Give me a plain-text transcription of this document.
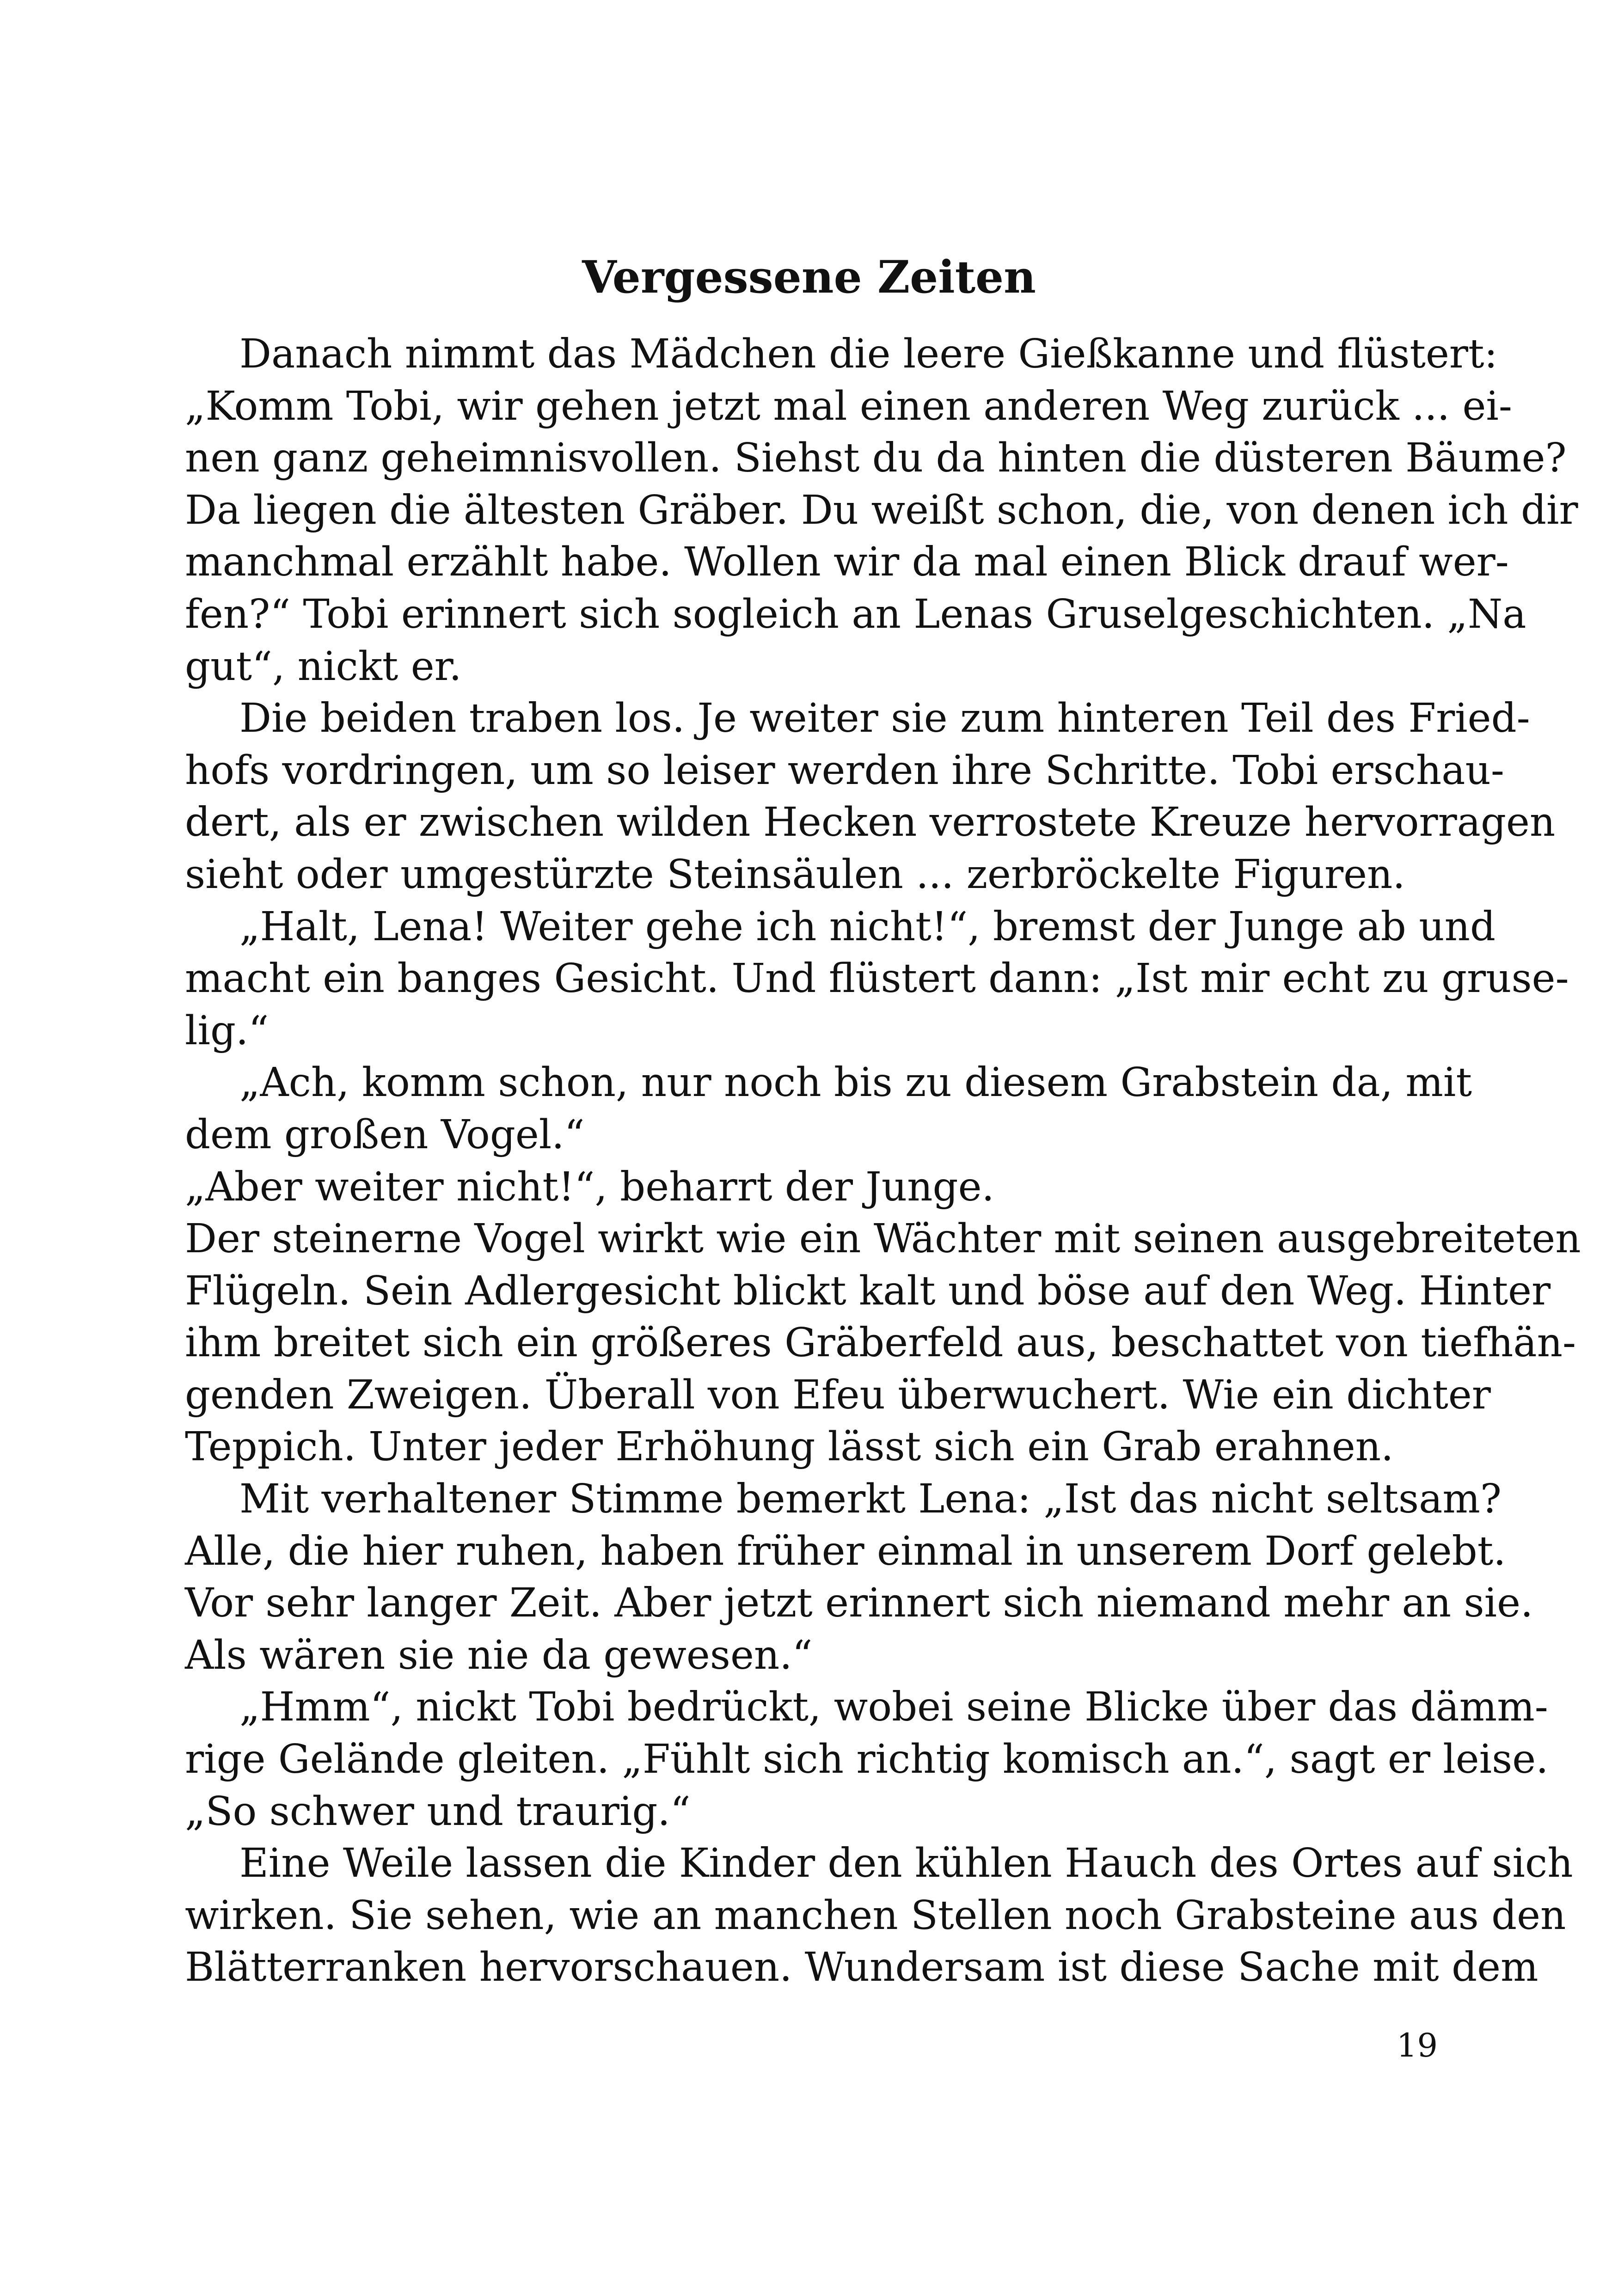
Vergessene Zeiten
Danach nimmt das Mädchen die leere Gießkanne und flüstert:
„Komm Tobi, wir gehen jetzt mal einen anderen Weg zurück ... ei-
nen ganz geheimnisvollen. Siehst du da hinten die düsteren Bäume?
Da liegen die ältesten Gräber. Du weißt schon, die, von denen ich dir
manchmal erzählt habe. Wollen wir da mal einen Blick drauf wer-
fen?“ Tobi erinnert sich sogleich an Lenas Gruselgeschichten. „Na
gut“, nickt er.
Die beiden traben los. Je weiter sie zum hinteren Teil des Fried-
hofs vordringen, um so leiser werden ihre Schritte. Tobi erschau-
dert, als er zwischen wilden Hecken verrostete Kreuze hervorragen
sieht oder umgestürzte Steinsäulen ... zerbröckelte Figuren.
„Halt, Lena! Weiter gehe ich nicht!“, bremst der Junge ab und
macht ein banges Gesicht. Und flüstert dann: „Ist mir echt zu gruse-
lig.“
„Ach, komm schon, nur noch bis zu diesem Grabstein da, mit
dem großen Vogel.“
„Aber weiter nicht!“, beharrt der Junge.
Der steinerne Vogel wirkt wie ein Wächter mit seinen ausgebreiteten
Flügeln. Sein Adlergesicht blickt kalt und böse auf den Weg. Hinter
ihm breitet sich ein größeres Gräberfeld aus, beschattet von tiefhän-
genden Zweigen. Überall von Efeu überwuchert. Wie ein dichter
Teppich. Unter jeder Erhöhung lässt sich ein Grab erahnen.
Mit verhaltener Stimme bemerkt Lena: „Ist das nicht seltsam?
Alle, die hier ruhen, haben früher einmal in unserem Dorf gelebt.
Vor sehr langer Zeit. Aber jetzt erinnert sich niemand mehr an sie.
Als wären sie nie da gewesen.“
„Hmm“, nickt Tobi bedrückt, wobei seine Blicke über das dämm-
rige Gelände gleiten. „Fühlt sich richtig komisch an.“, sagt er leise.
„So schwer und traurig.“
Eine Weile lassen die Kinder den kühlen Hauch des Ortes auf sich
wirken. Sie sehen, wie an manchen Stellen noch Grabsteine aus den
Blätterranken hervorschauen. Wundersam ist diese Sache mit dem
19
